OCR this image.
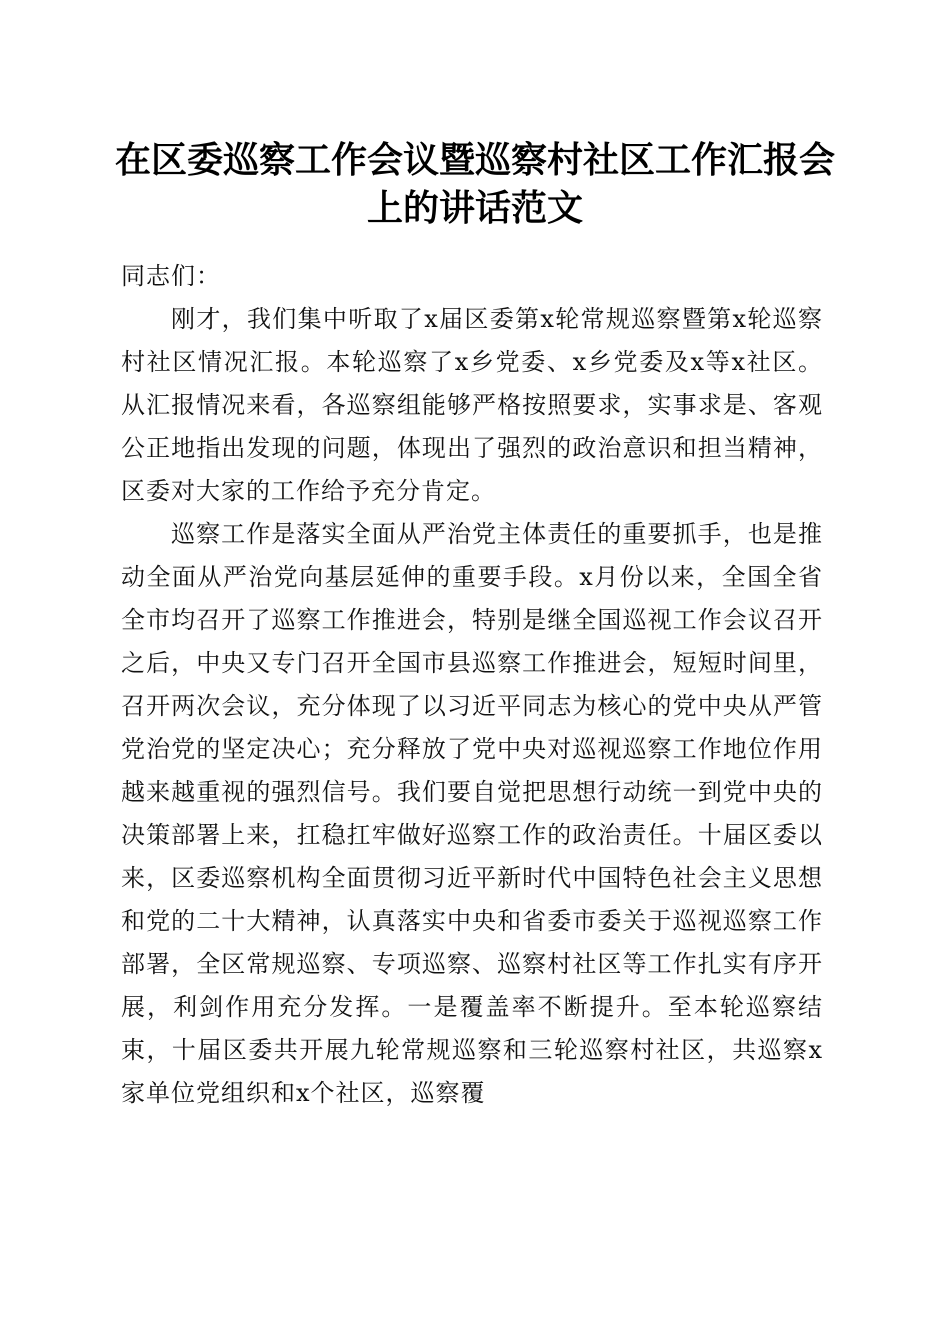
在区委巡察工作会议暨巡察村社区工作汇报会
上的讲话范文

同志们：

刚才，我们集中听取了x届区委第x轮常规巡察暨第x轮巡察村社区情况汇报。本轮巡察了x乡党委、x乡党委及x等x社区。从汇报情况来看，各巡察组能够严格按照要求，实事求是、客观公正地指出发现的问题，体现出了强烈的政治意识和担当精神，区委对大家的工作给予充分肯定。

巡察工作是落实全面从严治党主体责任的重要抓手，也是推动全面从严治党向基层延伸的重要手段。x月份以来，全国全省全市均召开了巡察工作推进会，特别是继全国巡视工作会议召开之后，中央又专门召开全国市县巡察工作推进会，短短时间里，召开两次会议，充分体现了以习近平同志为核心的党中央从严管党治党的坚定决心；充分释放了党中央对巡视巡察工作地位作用越来越重视的强烈信号。我们要自觉把思想行动统一到党中央的决策部署上来，扛稳扛牢做好巡察工作的政治责任。十届区委以来，区委巡察机构全面贯彻习近平新时代中国特色社会主义思想和党的二十大精神，认真落实中央和省委市委关于巡视巡察工作部署，全区常规巡察、专项巡察、巡察村社区等工作扎实有序开展，利剑作用充分发挥。一是覆盖率不断提升。至本轮巡察结束，十届区委共开展九轮常规巡察和三轮巡察村社区，共巡察x家单位党组织和x个社区，巡察覆
